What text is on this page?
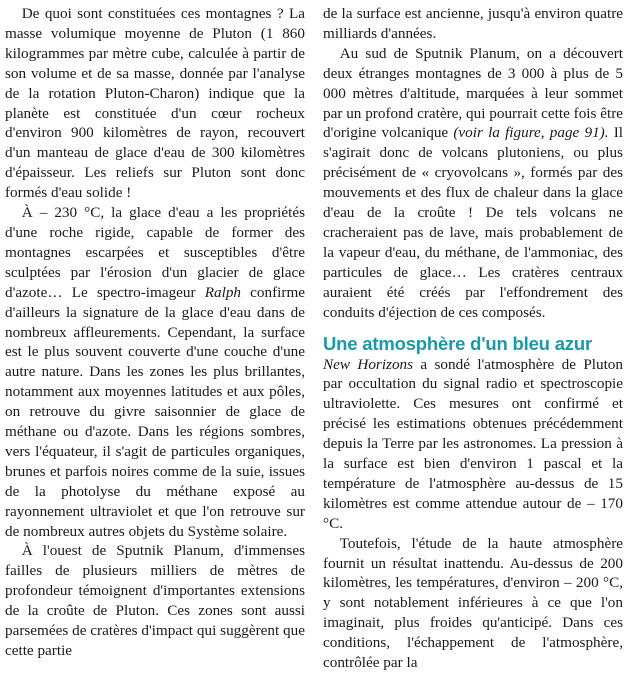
De quoi sont constituées ces montagnes ? La masse volumique moyenne de Pluton (1 860 kilogrammes par mètre cube, calculée à partir de son volume et de sa masse, donnée par l'analyse de la rotation Pluton-Charon) indique que la planète est constituée d'un cœur rocheux d'environ 900 kilomètres de rayon, recouvert d'un manteau de glace d'eau de 300 kilomètres d'épaisseur. Les reliefs sur Pluton sont donc formés d'eau solide !

À – 230 °C, la glace d'eau a les propriétés d'une roche rigide, capable de former des montagnes escarpées et susceptibles d'être sculptées par l'érosion d'un glacier de glace d'azote… Le spectro-imageur Ralph confirme d'ailleurs la signature de la glace d'eau dans de nombreux affleurements. Cependant, la surface est le plus souvent couverte d'une couche d'une autre nature. Dans les zones les plus brillantes, notamment aux moyennes latitudes et aux pôles, on retrouve du givre saisonnier de glace de méthane ou d'azote. Dans les régions sombres, vers l'équateur, il s'agit de particules organiques, brunes et parfois noires comme de la suie, issues de la photolyse du méthane exposé au rayonnement ultraviolet et que l'on retrouve sur de nombreux autres objets du Système solaire.

À l'ouest de Sputnik Planum, d'immenses failles de plusieurs milliers de mètres de profondeur témoignent d'importantes extensions de la croûte de Pluton. Ces zones sont aussi parsemées de cratères d'impact qui suggèrent que cette partie

de la surface est ancienne, jusqu'à environ quatre milliards d'années.

Au sud de Sputnik Planum, on a découvert deux étranges montagnes de 3 000 à plus de 5 000 mètres d'altitude, marquées à leur sommet par un profond cratère, qui pourrait cette fois être d'origine volcanique (voir la figure, page 91). Il s'agirait donc de volcans plutoniens, ou plus précisément de « cryovolcans », formés par des mouvements et des flux de chaleur dans la glace d'eau de la croûte ! De tels volcans ne cracheraient pas de lave, mais probablement de la vapeur d'eau, du méthane, de l'ammoniac, des particules de glace… Les cratères centraux auraient été créés par l'effondrement des conduits d'éjection de ces composés.

Une atmosphère d'un bleu azur

New Horizons a sondé l'atmosphère de Pluton par occultation du signal radio et spectroscopie ultraviolette. Ces mesures ont confirmé et précisé les estimations obtenues précédemment depuis la Terre par les astronomes. La pression à la surface est bien d'environ 1 pascal et la température de l'atmosphère au-dessus de 15 kilomètres est comme attendue autour de – 170 °C.

Toutefois, l'étude de la haute atmosphère fournit un résultat inattendu. Au-dessus de 200 kilomètres, les températures, d'environ – 200 °C, y sont notablement inférieures à ce que l'on imaginait, plus froides qu'anticipé. Dans ces conditions, l'échappement de l'atmosphère, contrôlée par la
